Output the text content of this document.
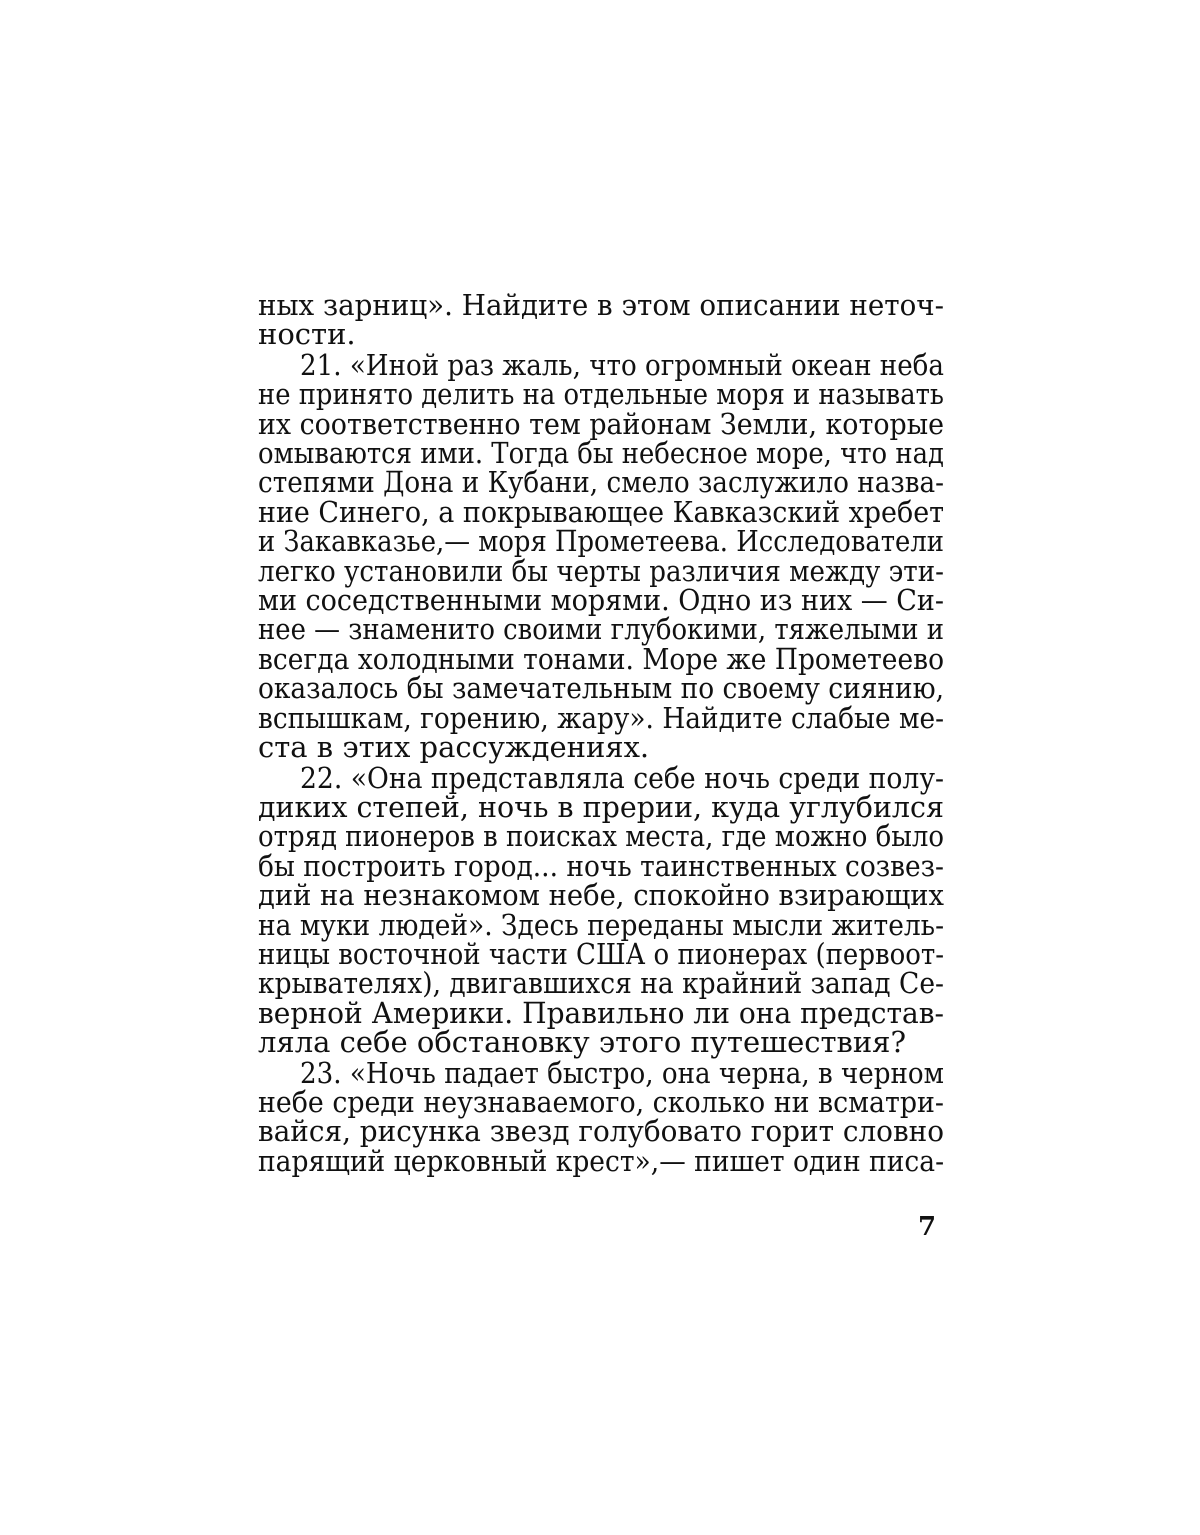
ных зарниц». Найдите в этом описании неточ-
ности.

21. «Иной раз жаль, что огромный океан неба
не принято делить на отдельные моря и называть
их соответственно тем районам Земли, которые
омываются ими. Тогда бы небесное море, что над
степями Дона и Кубани, смело заслужило назва-
ние Синего, а покрывающее Кавказский хребет
и Закавказье,— моря Прометеева. Исследователи
легко установили бы черты различия между эти-
ми соседственными морями. Одно из них — Си-
нее — знаменито своими глубокими, тяжелыми и
всегда холодными тонами. Море же Прометеево
оказалось бы замечательным по своему сиянию,
вспышкам, горению, жару». Найдите слабые ме-
ста в этих рассуждениях.

22. «Она представляла себе ночь среди полу-
диких степей, ночь в прерии, куда углубился
отряд пионеров в поисках места, где можно было
бы построить город... ночь таинственных созвез-
дий на незнакомом небе, спокойно взирающих
на муки людей». Здесь переданы мысли житель-
ницы восточной части США о пионерах (первоот-
крывателях), двигавшихся на крайний запад Се-
верной Америки. Правильно ли она представ-
ляла себе обстановку этого путешествия?

23. «Ночь падает быстро, она черна, в черном
небе среди неузнаваемого, сколько ни всматри-
вайся, рисунка звезд голубовато горит словно
парящий церковный крест»,— пишет один писа-

7
